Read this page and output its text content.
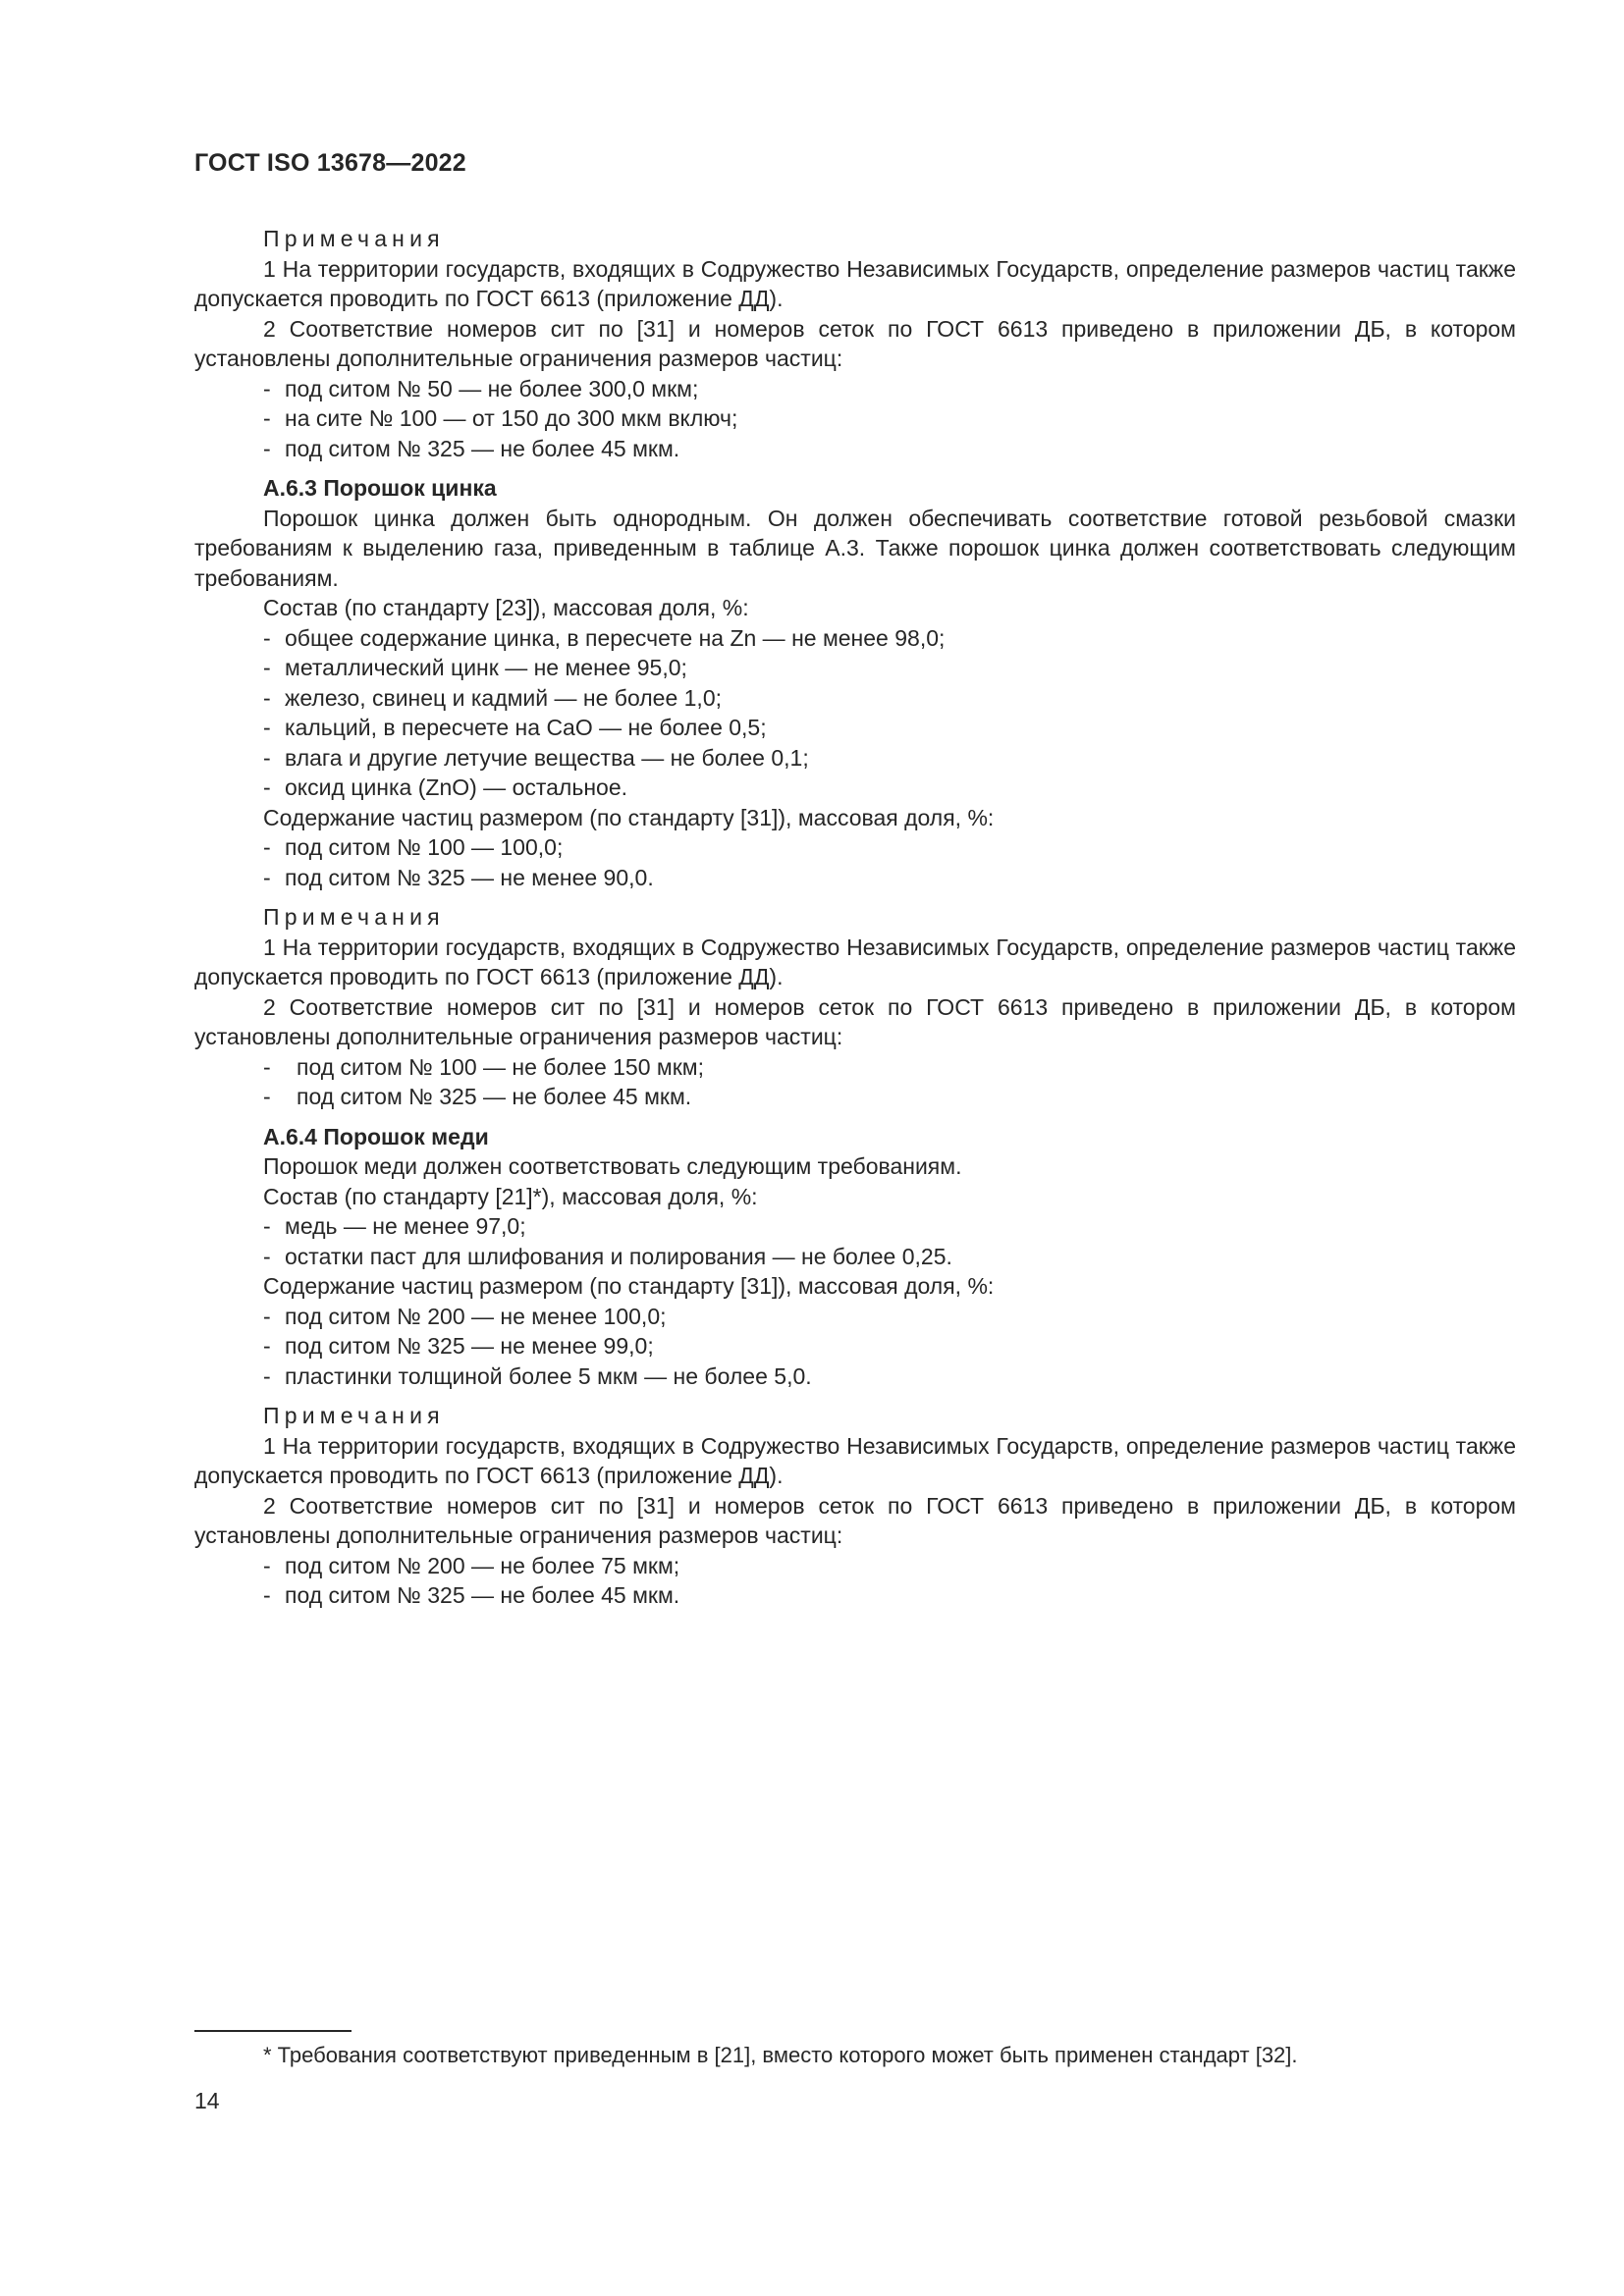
ГОСТ ISO 13678—2022

Примечания

1 На территории государств, входящих в Содружество Независимых Государств, определение размеров частиц также допускается проводить по ГОСТ 6613 (приложение ДД).

2 Соответствие номеров сит по [31] и номеров сеток по ГОСТ 6613 приведено в приложении ДБ, в котором установлены дополнительные ограничения размеров частиц:

- под ситом № 50 — не более 300,0 мкм;

- на сите № 100 — от 150 до 300 мкм включ;

- под ситом № 325 — не более 45 мкм.

А.6.3 Порошок цинка

Порошок цинка должен быть однородным. Он должен обеспечивать соответствие готовой резьбовой смазки требованиям к выделению газа, приведенным в таблице А.3. Также порошок цинка должен соответствовать следующим требованиям.

Состав (по стандарту [23]), массовая доля, %:

- общее содержание цинка, в пересчете на Zn — не менее 98,0;

- металлический цинк — не менее 95,0;

- железо, свинец и кадмий — не более 1,0;

- кальций, в пересчете на CaO — не более 0,5;

- влага и другие летучие вещества — не более 0,1;

- оксид цинка (ZnO) — остальное.

Содержание частиц размером (по стандарту [31]), массовая доля, %:

- под ситом № 100 — 100,0;

- под ситом № 325 — не менее 90,0.

Примечания

1 На территории государств, входящих в Содружество Независимых Государств, определение размеров частиц также допускается проводить по ГОСТ 6613 (приложение ДД).

2 Соответствие номеров сит по [31] и номеров сеток по ГОСТ 6613 приведено в приложении ДБ, в котором установлены дополнительные ограничения размеров частиц:

- под ситом № 100 — не более 150 мкм;

- под ситом № 325 — не более 45 мкм.

А.6.4 Порошок меди

Порошок меди должен соответствовать следующим требованиям.

Состав (по стандарту [21]*), массовая доля, %:

- медь — не менее 97,0;

- остатки паст для шлифования и полирования — не более 0,25.

Содержание частиц размером (по стандарту [31]), массовая доля, %:

- под ситом № 200 — не менее 100,0;

- под ситом № 325 — не менее 99,0;

- пластинки толщиной более 5 мкм — не более 5,0.

Примечания

1 На территории государств, входящих в Содружество Независимых Государств, определение размеров частиц также допускается проводить по ГОСТ 6613 (приложение ДД).

2 Соответствие номеров сит по [31] и номеров сеток по ГОСТ 6613 приведено в приложении ДБ, в котором установлены дополнительные ограничения размеров частиц:

- под ситом № 200 — не более 75 мкм;

- под ситом № 325 — не более 45 мкм.

* Требования соответствуют приведенным в [21], вместо которого может быть применен стандарт [32].
14
